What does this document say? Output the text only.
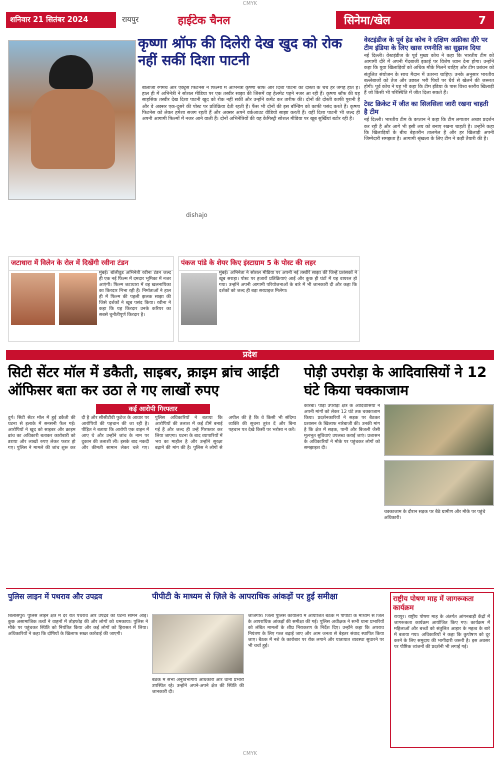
CMYK
शनिवार 21 सितंबर 2024	रायपुर	हाईटेक चैनल	सिनेमा/खेल	7
कृष्णा श्रॉफ की दिलेरी देख खुद को रोक नहीं सकीं दिशा पाटनी
dishajo

बालाजी रंगमंच और एक्ट्रेस फिटनेस ने फिल्मों में अभिनेत्री कृष्णा श्रॉफ और दिशा पाटनी की दोस्ती के चर्चे हर जगह होते हैं। हाल ही में अभिनेत्री ने सोशल मीडिया पर एक तस्वीर साझा की जिसमें वह हेलमेट पहने नजर आ रही हैं। कृष्णा श्रॉफ की यह साहसिक तस्वीर देख दिशा पाटनी खुद को रोक नहीं सकीं और उन्होंने कमेंट कर तारीफ की। दोनों की दोस्ती काफी पुरानी है और वे अक्सर एक-दूसरे की पोस्ट पर प्रतिक्रिया देती रहती हैं। फैंस भी दोनों की इस बॉन्डिंग को काफी पसंद करते हैं। कृष्णा फिटनेस को लेकर हमेशा सजग रहती हैं और अक्सर अपने वर्कआउट वीडियो साझा करती हैं। वहीं दिशा पाटनी भी जल्द ही अपनी आगामी फिल्मों में नजर आने वाली हैं। दोनों अभिनेत्रियों की यह केमिस्ट्री सोशल मीडिया पर खूब सुर्खियां बटोर रही है।

वेस्टइंडीज के पूर्व हेड कोच ने दक्षिण अफ्रीका दौरे पर टीम इंडिया के लिए खास रणनीति का सुझाव दिया

नई दिल्ली। वेस्टइंडीज के पूर्व मुख्य कोच ने कहा कि भारतीय टीम को आगामी दौरे में अपनी गेंदबाजी इकाई पर विशेष ध्यान देना होगा। उन्होंने कहा कि युवा खिलाड़ियों को अधिक मौके मिलने चाहिए और टीम प्रबंधन को संतुलित संयोजन के साथ मैदान में उतरना चाहिए। उनके अनुसार भारतीय बल्लेबाजों को तेज और उछाल भरी पिचों पर धैर्य से खेलने की जरूरत होगी। पूर्व कोच ने यह भी कहा कि टीम इंडिया के पास विश्व स्तरीय खिलाड़ी हैं जो किसी भी परिस्थिति में जीत दिला सकते हैं।

टेस्ट क्रिकेट में जीत का सिलसिला जारी रखना चाहती है टीम

नई दिल्ली। भारतीय टीम के कप्तान ने कहा कि टीम लगातार अच्छा प्रदर्शन कर रही है और आगे भी इसी लय को बनाए रखना चाहती है। उन्होंने कहा कि खिलाड़ियों के बीच बेहतरीन तालमेल है और हर खिलाड़ी अपनी जिम्मेदारी समझता है। आगामी श्रृंखला के लिए टीम ने कड़ी तैयारी की है।

जटाधारा में विलेन के रोल में दिखेंगी रवीना टंडन

मुंबई। बॉलीवुड अभिनेत्री रवीना टंडन जल्द ही एक नई फिल्म में दमदार भूमिका में नजर आएंगी। फिल्म जटाधारा में वह खलनायिका का किरदार निभा रही हैं। निर्माताओं ने हाल ही में फिल्म की पहली झलक साझा की जिसे दर्शकों ने खूब पसंद किया। रवीना ने कहा कि यह किरदार उनके करियर का सबसे चुनौतीपूर्ण किरदार है।

पंकज पांडे के शेयर किए इंस्टाग्राम 5 के पोस्ट की लहर

मुंबई। अभिनेता ने सोशल मीडिया पर अपनी नई तस्वीरें साझा कीं जिन्हें प्रशंसकों ने खूब सराहा। पोस्ट पर हजारों प्रतिक्रियाएं आईं और कुछ ही घंटों में यह वायरल हो गया। उन्होंने अपनी आगामी परियोजनाओं के बारे में भी जानकारी दी और कहा कि दर्शकों को जल्द ही बड़ा सरप्राइज मिलेगा।

प्रदेश
सिटी सेंटर मॉल में डकैती, साइबर, क्राइम ब्रांच आईटी ऑफिसर बता कर उठा ले गए लाखों रुपए

दुर्ग। सिटी सेंटर मॉल में हुई डकैती की घटना से इलाके में सनसनी फैल गई। आरोपियों ने खुद को साइबर और क्राइम ब्रांच का अधिकारी बताकर कारोबारी को डराया और लाखों रुपए लेकर फरार हो गए। पुलिस ने मामले की जांच शुरू कर दी है और सीसीटीवी फुटेज के आधार पर आरोपियों की पहचान की जा रही है। पीड़ित ने बताया कि आरोपी एक वाहन में आए थे और उन्होंने जांच के नाम पर दुकान की तलाशी ली। इसके बाद नकदी और कीमती सामान लेकर चले गए। पुलिस अधिकारियों ने बताया कि आरोपियों की तलाश में कई टीमें बनाई गई हैं और जल्द ही उन्हें गिरफ्तार कर लिया जाएगा। घटना के बाद व्यापारियों में भय का माहौल है और उन्होंने सुरक्षा बढ़ाने की मांग की है। पुलिस ने लोगों से अपील की है कि वे किसी भी संदिग्ध व्यक्ति की सूचना तुरंत दें और बिना पहचान पत्र देखे किसी पर भरोसा न करें।

कई आरोपी गिरफ्तार
पोड़ी उपरोड़ा के आदिवासियों ने 12 घंटे किया चक्काजाम

कोरबा। पोड़ी उपरोड़ा क्षेत्र के आदिवासियों ने अपनी मांगों को लेकर 12 घंटे तक चक्काजाम किया। प्रदर्शनकारियों ने सड़क पर बैठकर प्रशासन के खिलाफ नारेबाजी की। उनकी मांग है कि क्षेत्र में सड़क, पानी और बिजली जैसी मूलभूत सुविधाएं उपलब्ध कराई जाएं। प्रशासन के अधिकारियों ने मौके पर पहुंचकर लोगों को समझाइश दी।

चक्काजाम के दौरान सड़क पर बैठे ग्रामीण और मौके पर पहुंचे अधिकारी।
पुलिस लाइन में पथराव और उपद्रव

बिलासपुर। पुलिस लाइन क्षेत्र में देर रात पथराव और उपद्रव की घटना सामने आई। कुछ असामाजिक तत्वों ने वाहनों में तोड़फोड़ की और लोगों को धमकाया। पुलिस ने मौके पर पहुंचकर स्थिति को नियंत्रित किया और कई लोगों को हिरासत में लिया। अधिकारियों ने कहा कि दोषियों के खिलाफ सख्त कार्रवाई की जाएगी।

पीपीटी के माध्यम से ज़िले के आपराधिक आंकड़ों पर हुई समीक्षा

बैठक में सभी अनुविभागीय अधिकारी और थाना प्रभारी उपस्थित रहे। उन्होंने अपने-अपने क्षेत्र की स्थिति की जानकारी दी।

जांजगीर। जिला पुलिस कार्यालय में आयोजित बैठक में पीपीटी के माध्यम से जिले के आपराधिक आंकड़ों की समीक्षा की गई। पुलिस अधीक्षक ने सभी थाना प्रभारियों को लंबित मामलों के शीघ्र निराकरण के निर्देश दिए। उन्होंने कहा कि अपराध नियंत्रण के लिए गश्त बढ़ाई जाए और आम जनता से बेहतर संवाद स्थापित किया जाए। बैठक में नशे के कारोबार पर रोक लगाने और यातायात व्यवस्था सुधारने पर भी चर्चा हुई।

राष्ट्रीय पोषण माह में जागरूकता कार्यक्रम

रायपुर। राष्ट्रीय पोषण माह के अंतर्गत आंगनबाड़ी केंद्रों में जागरूकता कार्यक्रम आयोजित किए गए। कार्यक्रम में महिलाओं और बच्चों को संतुलित आहार के महत्व के बारे में बताया गया। अधिकारियों ने कहा कि कुपोषण को दूर करने के लिए समुदाय की भागीदारी जरूरी है। इस अवसर पर पौष्टिक व्यंजनों की प्रदर्शनी भी लगाई गई।

CMYK
